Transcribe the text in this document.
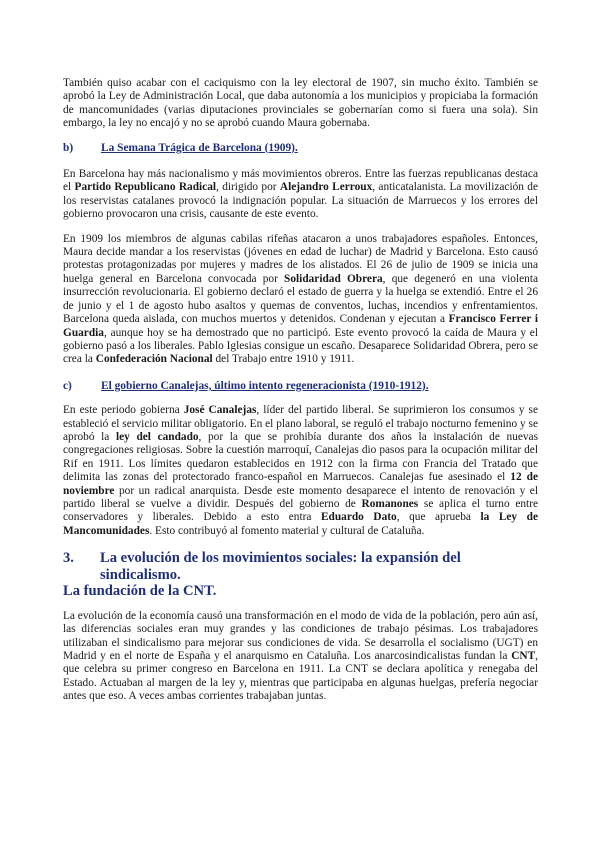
También quiso acabar con el caciquismo con la ley electoral de 1907, sin mucho éxito. También se aprobó la Ley de Administración Local, que daba autonomía a los municipios y propiciaba la formación de mancomunidades (varias diputaciones provinciales se gobernarían como si fuera una sola). Sin embargo, la ley no encajó y no se aprobó cuando Maura gobernaba.

b)	La Semana Trágica de Barcelona (1909).

En Barcelona hay más nacionalismo y más movimientos obreros. Entre las fuerzas republicanas destaca el Partido Republicano Radical, dirigido por Alejandro Lerroux, anticatalanista. La movilización de los reservistas catalanes provocó la indignación popular. La situación de Marruecos y los errores del gobierno provocaron una crisis, causante de este evento.

En 1909 los miembros de algunas cabilas rifeñas atacaron a unos trabajadores españoles. Entonces, Maura decide mandar a los reservistas (jóvenes en edad de luchar) de Madrid y Barcelona. Esto causó protestas protagonizadas por mujeres y madres de los alistados. El 26 de julio de 1909 se inicia una huelga general en Barcelona convocada por Solidaridad Obrera, que degeneró en una violenta insurrección revolucionaria. El gobierno declaró el estado de guerra y la huelga se extendió. Entre el 26 de junio y el 1 de agosto hubo asaltos y quemas de conventos, luchas, incendios y enfrentamientos. Barcelona queda aislada, con muchos muertos y detenidos. Condenan y ejecutan a Francisco Ferrer i Guardia, aunque hoy se ha demostrado que no participó. Este evento provocó la caída de Maura y el gobierno pasó a los liberales. Pablo Iglesias consigue un escaño. Desaparece Solidaridad Obrera, pero se crea la Confederación Nacional del Trabajo entre 1910 y 1911.

c)	El gobierno Canalejas, último intento regeneracionista (1910-1912).

En este periodo gobierna José Canalejas, líder del partido liberal. Se suprimieron los consumos y se estableció el servicio militar obligatorio. En el plano laboral, se reguló el trabajo nocturno femenino y se aprobó la ley del candado, por la que se prohibía durante dos años la instalación de nuevas congregaciones religiosas. Sobre la cuestión marroquí, Canalejas dio pasos para la ocupación militar del Rif en 1911. Los límites quedaron establecidos en 1912 con la firma con Francia del Tratado que delimita las zonas del protectorado franco-español en Marruecos. Canalejas fue asesinado el 12 de noviembre por un radical anarquista. Desde este momento desaparece el intento de renovación y el partido liberal se vuelve a dividir. Después del gobierno de Romanones se aplica el turno entre conservadores y liberales. Debido a esto entra Eduardo Dato, que aprueba la Ley de Mancomunidades. Esto contribuyó al fomento material y cultural de Cataluña.

3.	La evolución de los movimientos sociales: la expansión del sindicalismo.
La fundación de la CNT.

La evolución de la economía causó una transformación en el modo de vida de la población, pero aún así, las diferencias sociales eran muy grandes y las condiciones de trabajo pésimas. Los trabajadores utilizaban el sindicalismo para mejorar sus condiciones de vida. Se desarrolla el socialismo (UGT) en Madrid y en el norte de España y el anarquismo en Cataluña. Los anarcosindicalistas fundan la CNT, que celebra su primer congreso en Barcelona en 1911. La CNT se declara apolítica y renegaba del Estado. Actuaban al margen de la ley y, mientras que participaba en algunas huelgas, prefería negociar antes que eso. A veces ambas corrientes trabajaban juntas.
